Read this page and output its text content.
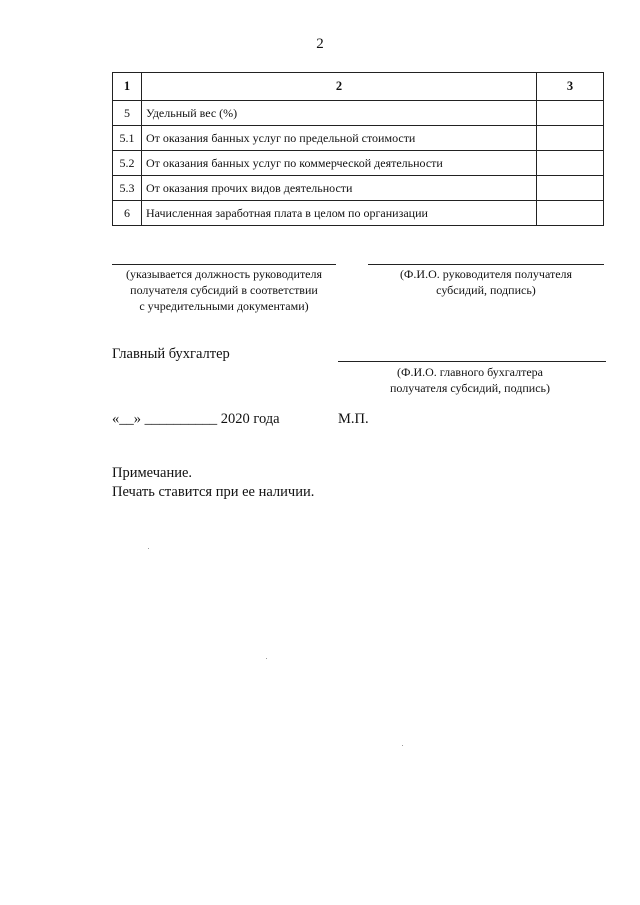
2
1	2	3
5	Удельный вес (%)	
5.1	От оказания банных услуг по предельной стоимости	
5.2	От оказания банных услуг по коммерческой деятельности	
5.3	От оказания прочих видов деятельности	
6	Начисленная заработная плата в целом по организации	
(указывается должность руководителя
получателя субсидий в соответствии
с учредительными документами)
(Ф.И.О. руководителя получателя
субсидий, подпись)
Главный бухгалтер
(Ф.И.О. главного бухгалтера
получателя субсидий, подпись)
«__» __________ 2020 года	М.П.
Примечание.
Печать ставится при ее наличии.
